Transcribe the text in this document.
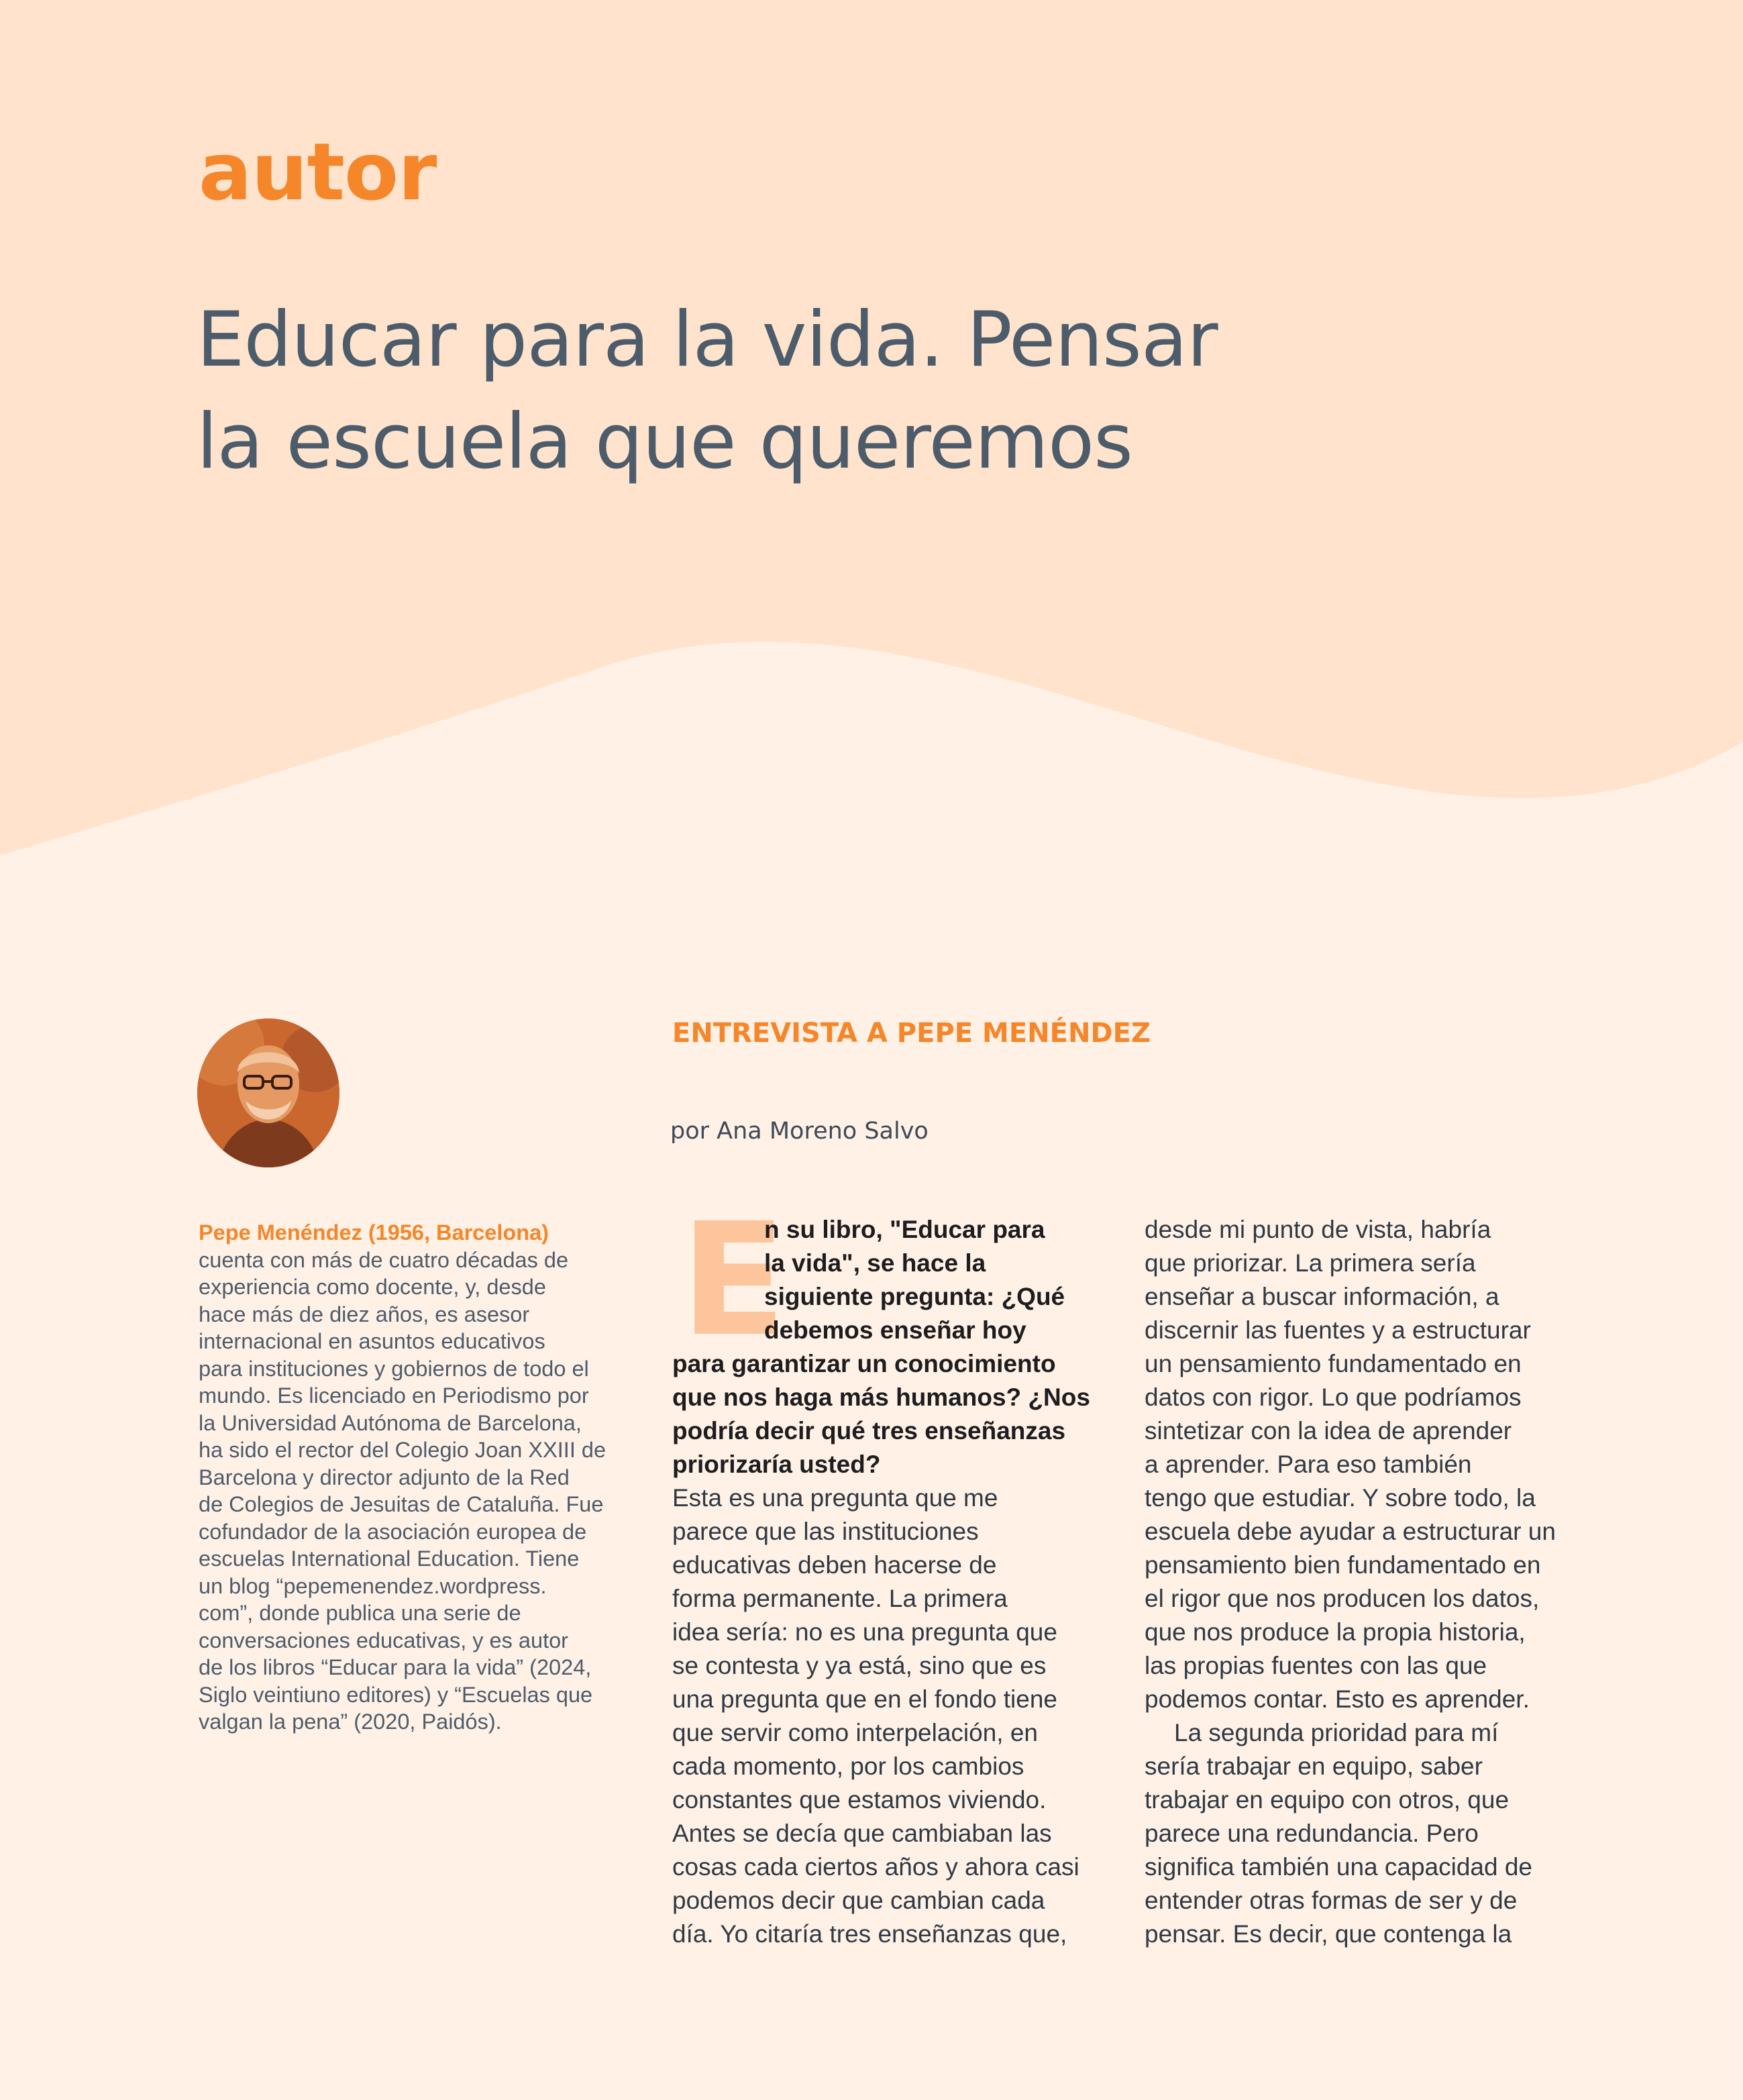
autor
Educar para la vida. Pensar
la escuela que queremos
ENTREVISTA A PEPE MENÉNDEZ

por Ana Moreno Salvo

Pepe Menéndez (1956, Barcelona)
cuenta con más de cuatro décadas de
experiencia como docente, y, desde
hace más de diez años, es asesor
internacional en asuntos educativos
para instituciones y gobiernos de todo el
mundo. Es licenciado en Periodismo por
la Universidad Autónoma de Barcelona,
ha sido el rector del Colegio Joan XXIII de
Barcelona y director adjunto de la Red
de Colegios de Jesuitas de Cataluña. Fue
cofundador de la asociación europea de
escuelas International Education. Tiene
un blog “pepemenendez.wordpress.
com”, donde publica una serie de
conversaciones educativas, y es autor
de los libros “Educar para la vida” (2024,
Siglo veintiuno editores) y “Escuelas que
valgan la pena” (2020, Paidós).
E
n su libro, "Educar para
la vida", se hace la
siguiente pregunta: ¿Qué
debemos enseñar hoy
para garantizar un conocimiento
que nos haga más humanos? ¿Nos
podría decir qué tres enseñanzas
priorizaría usted?
Esta es una pregunta que me
parece que las instituciones
educativas deben hacerse de
forma permanente. La primera
idea sería: no es una pregunta que
se contesta y ya está, sino que es
una pregunta que en el fondo tiene
que servir como interpelación, en
cada momento, por los cambios
constantes que estamos viviendo.
Antes se decía que cambiaban las
cosas cada ciertos años y ahora casi
podemos decir que cambian cada
día. Yo citaría tres enseñanzas que,
desde mi punto de vista, habría
que priorizar. La primera sería
enseñar a buscar información, a
discernir las fuentes y a estructurar
un pensamiento fundamentado en
datos con rigor. Lo que podríamos
sintetizar con la idea de aprender
a aprender. Para eso también
tengo que estudiar. Y sobre todo, la
escuela debe ayudar a estructurar un
pensamiento bien fundamentado en
el rigor que nos producen los datos,
que nos produce la propia historia,
las propias fuentes con las que
podemos contar. Esto es aprender.
La segunda prioridad para mí
sería trabajar en equipo, saber
trabajar en equipo con otros, que
parece una redundancia. Pero
significa también una capacidad de
entender otras formas de ser y de
pensar. Es decir, que contenga la
